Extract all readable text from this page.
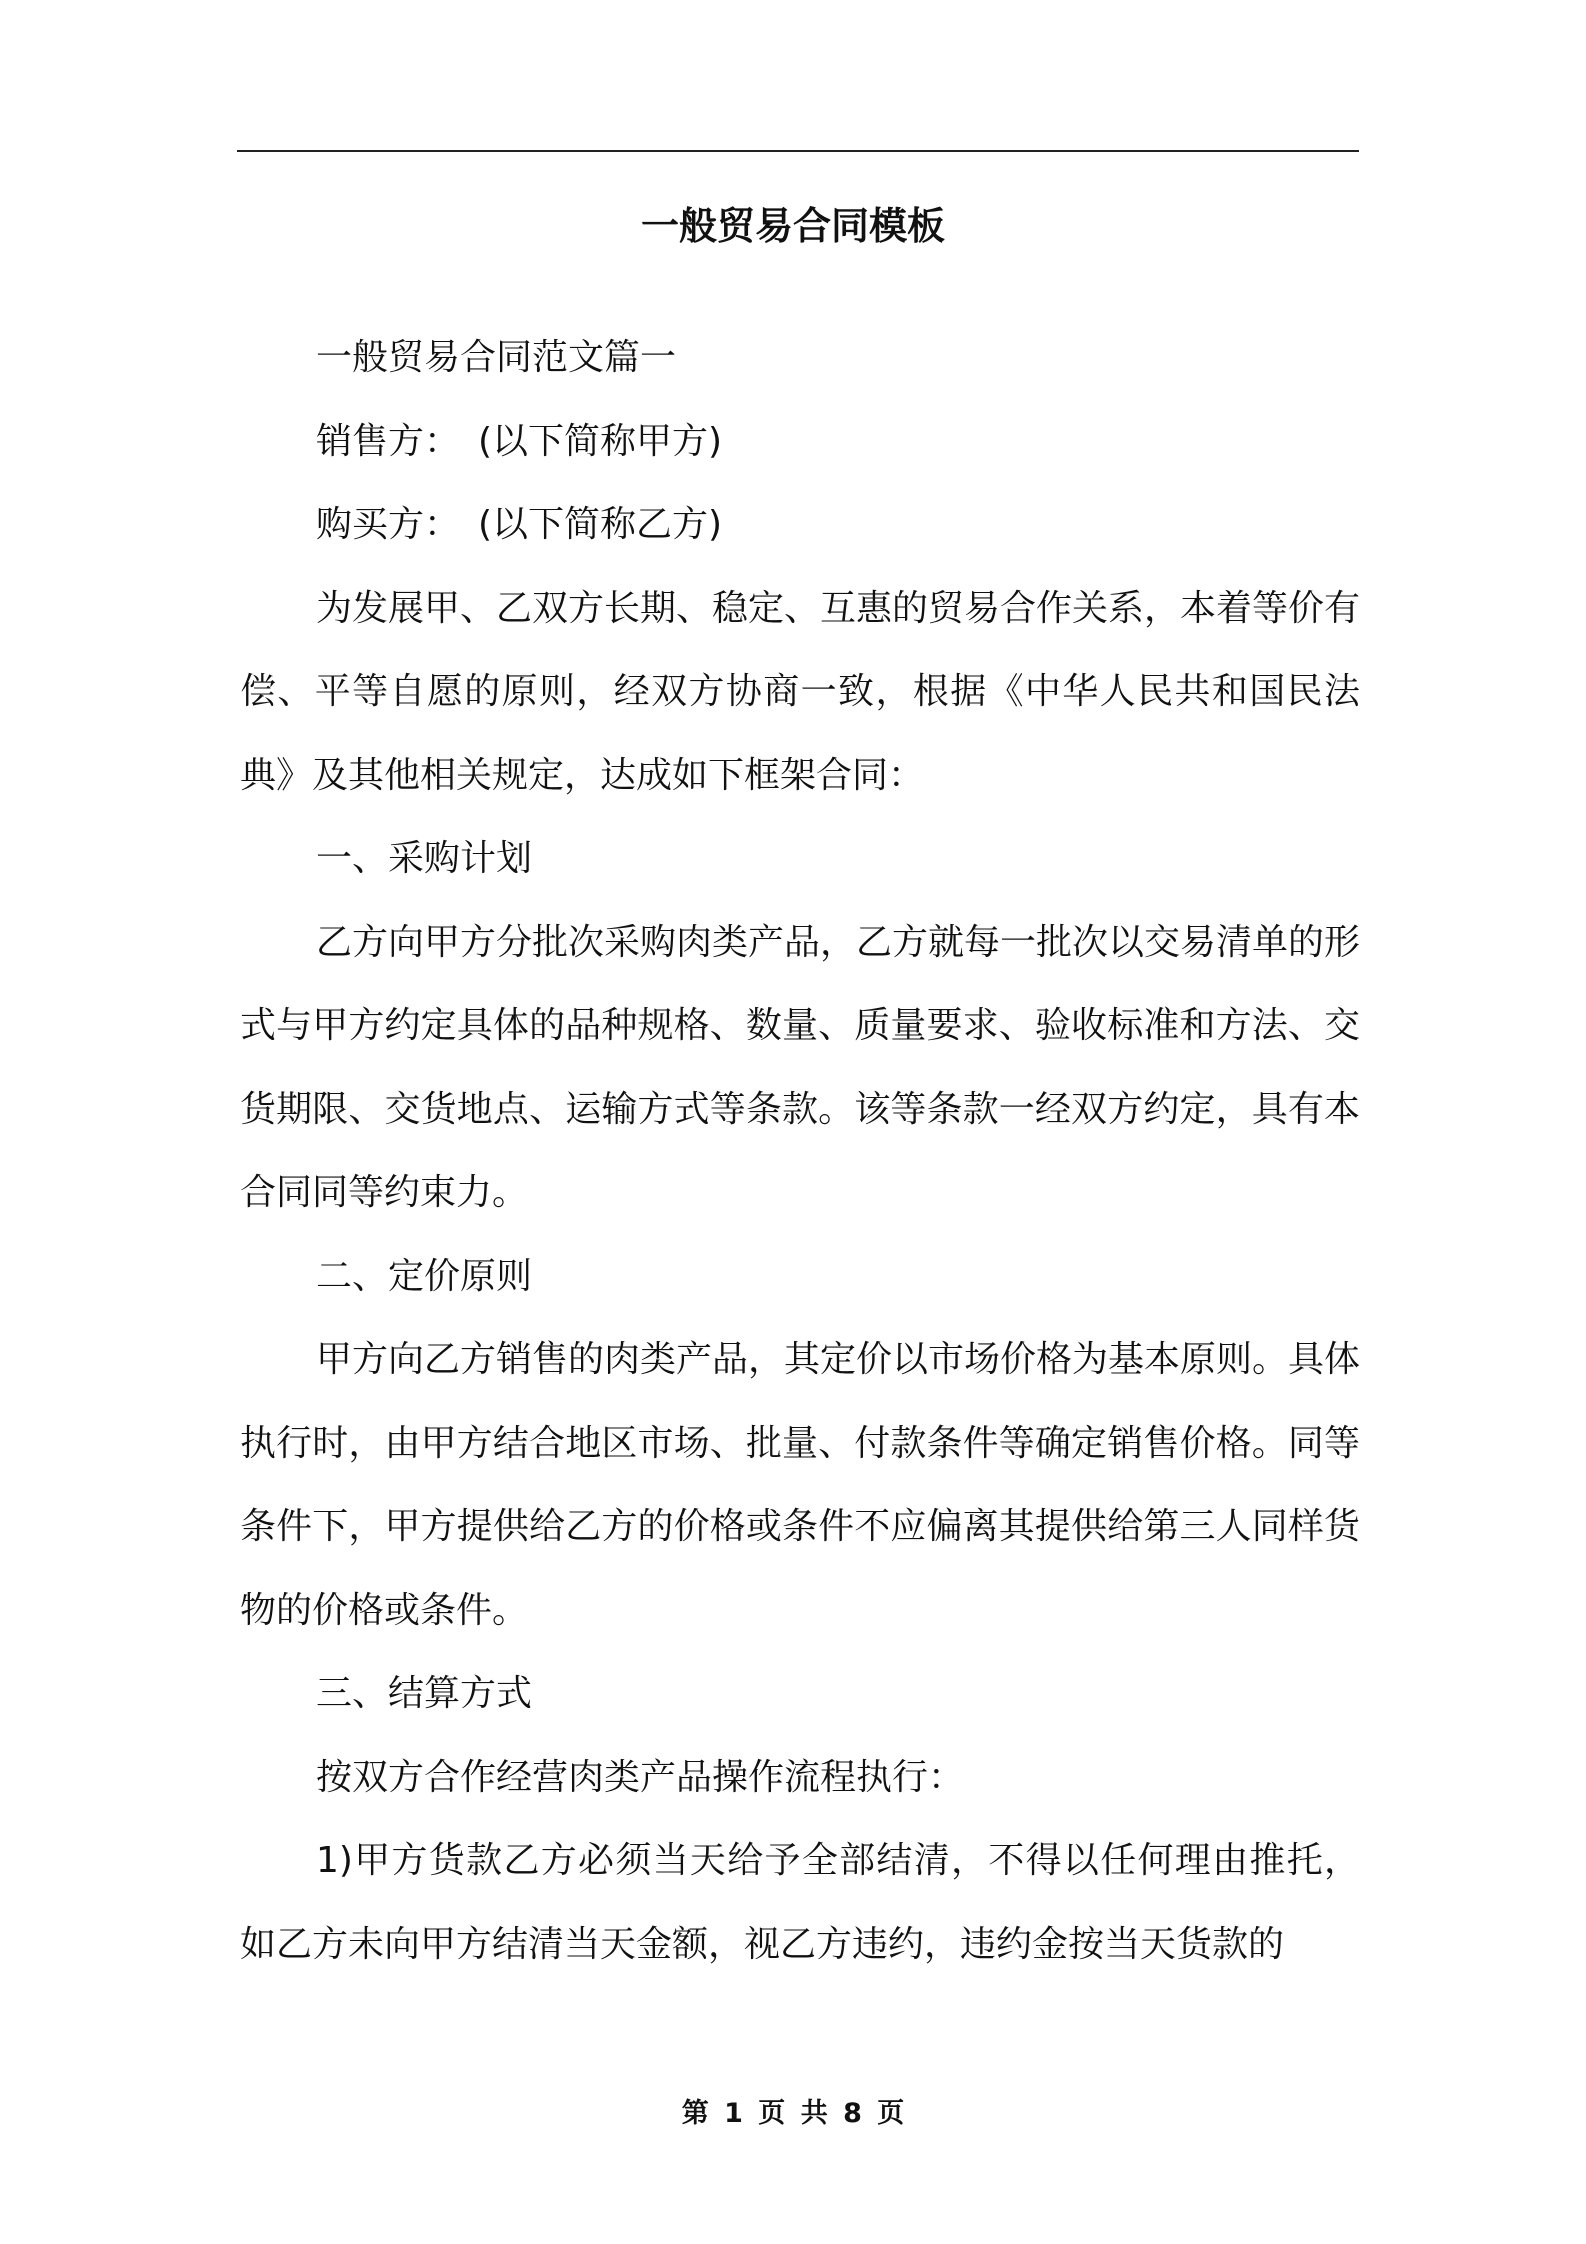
一般贸易合同模板

一般贸易合同范文篇一

销售方：　(以下简称甲方)

购买方：　(以下简称乙方)

为发展甲、乙双方长期、稳定、互惠的贸易合作关系，本着等价有偿、平等自愿的原则，经双方协商一致，根据《中华人民共和国民法典》及其他相关规定，达成如下框架合同：

一、采购计划

乙方向甲方分批次采购肉类产品，乙方就每一批次以交易清单的形式与甲方约定具体的品种规格、数量、质量要求、验收标准和方法、交货期限、交货地点、运输方式等条款。该等条款一经双方约定，具有本合同同等约束力。

二、定价原则

甲方向乙方销售的肉类产品，其定价以市场价格为基本原则。具体执行时，由甲方结合地区市场、批量、付款条件等确定销售价格。同等条件下，甲方提供给乙方的价格或条件不应偏离其提供给第三人同样货物的价格或条件。

三、结算方式

按双方合作经营肉类产品操作流程执行：

1)甲方货款乙方必须当天给予全部结清，不得以任何理由推托，如乙方未向甲方结清当天金额，视乙方违约，违约金按当天货款的

第 1 页 共 8 页
